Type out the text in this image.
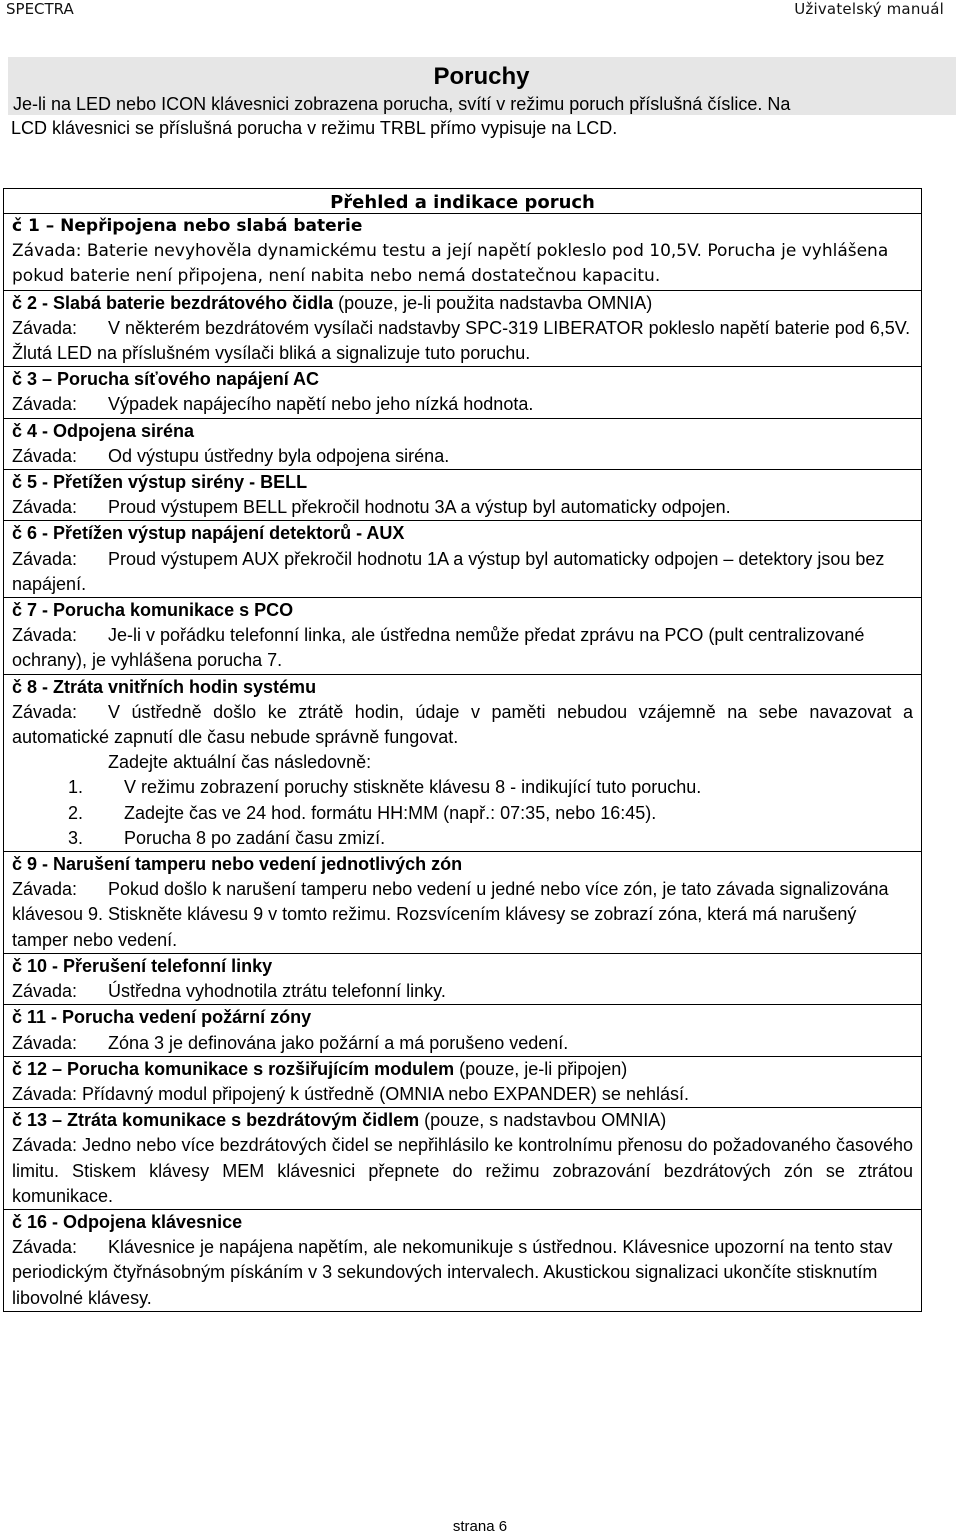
SPECTRA	Uživatelský manuál
Poruchy

Je-li na LED nebo ICON klávesnici zobrazena porucha, svítí v režimu poruch příslušná číslice. Na

LCD klávesnici se příslušná porucha v režimu TRBL přímo vypisuje na LCD.
Přehled a indikace poruch

č 1 – Nepřipojena nebo slabá baterie

Závada: Baterie nevyhověla dynamickému testu a její napětí pokleslo pod 10,5V. Porucha je vyhlášena pokud baterie není připojena, není nabita nebo nemá dostatečnou kapacitu.

č 2 - Slabá baterie bezdrátového čidla (pouze, je-li použita nadstavba OMNIA)

Závada: V některém bezdrátovém vysílači nadstavby SPC-319 LIBERATOR pokleslo napětí baterie pod 6,5V. Žlutá LED na příslušném vysílači bliká a signalizuje tuto poruchu.

č 3 – Porucha síťového napájení AC

Závada: Výpadek napájecího napětí nebo jeho nízká hodnota.

č 4 - Odpojena siréna

Závada: Od výstupu ústředny byla odpojena siréna.

č 5 - Přetížen výstup sirény - BELL

Závada: Proud výstupem BELL překročil hodnotu 3A a výstup byl automaticky odpojen.

č 6 - Přetížen výstup napájení detektorů - AUX

Závada: Proud výstupem AUX překročil hodnotu 1A a výstup byl automaticky odpojen – detektory jsou bez napájení.

č 7 - Porucha komunikace s PCO

Závada: Je-li v pořádku telefonní linka, ale ústředna nemůže předat zprávu na PCO (pult centralizované ochrany), je vyhlášena porucha 7.

č 8 - Ztráta vnitřních hodin systému

Závada: V ústředně došlo ke ztrátě hodin, údaje v paměti nebudou vzájemně na sebe navazovat a automatické zapnutí dle času nebude správně fungovat.

Zadejte aktuální čas následovně:

1. V režimu zobrazení poruchy stiskněte klávesu 8 - indikující tuto poruchu.

2. Zadejte čas ve 24 hod. formátu HH:MM (např.: 07:35, nebo 16:45).

3. Porucha 8 po zadání času zmizí.

č 9 - Narušení tamperu nebo vedení jednotlivých zón

Závada: Pokud došlo k narušení tamperu nebo vedení u jedné nebo více zón, je tato závada signalizována klávesou 9. Stiskněte klávesu 9 v tomto režimu. Rozsvícením klávesy se zobrazí zóna, která má narušený tamper nebo vedení.

č 10 - Přerušení telefonní linky

Závada: Ústředna vyhodnotila ztrátu telefonní linky.

č 11 - Porucha vedení požární zóny

Závada: Zóna 3 je definována jako požární a má porušeno vedení.

č 12 – Porucha komunikace s rozšiřujícím modulem (pouze, je-li připojen)

Závada: Přídavný modul připojený k ústředně (OMNIA nebo EXPANDER) se nehlásí.

č 13 – Ztráta komunikace s bezdrátovým čidlem (pouze, s nadstavbou OMNIA)

Závada: Jedno nebo více bezdrátových čidel se nepřihlásilo ke kontrolnímu přenosu do požadovaného časového limitu. Stiskem klávesy MEM klávesnici přepnete do režimu zobrazování bezdrátových zón se ztrátou komunikace.

č 16 - Odpojena klávesnice

Závada: Klávesnice je napájena napětím, ale nekomunikuje s ústřednou. Klávesnice upozorní na tento stav periodickým čtyřnásobným pískáním v 3 sekundových intervalech. Akustickou signalizaci ukončíte stisknutím libovolné klávesy.

strana 6
